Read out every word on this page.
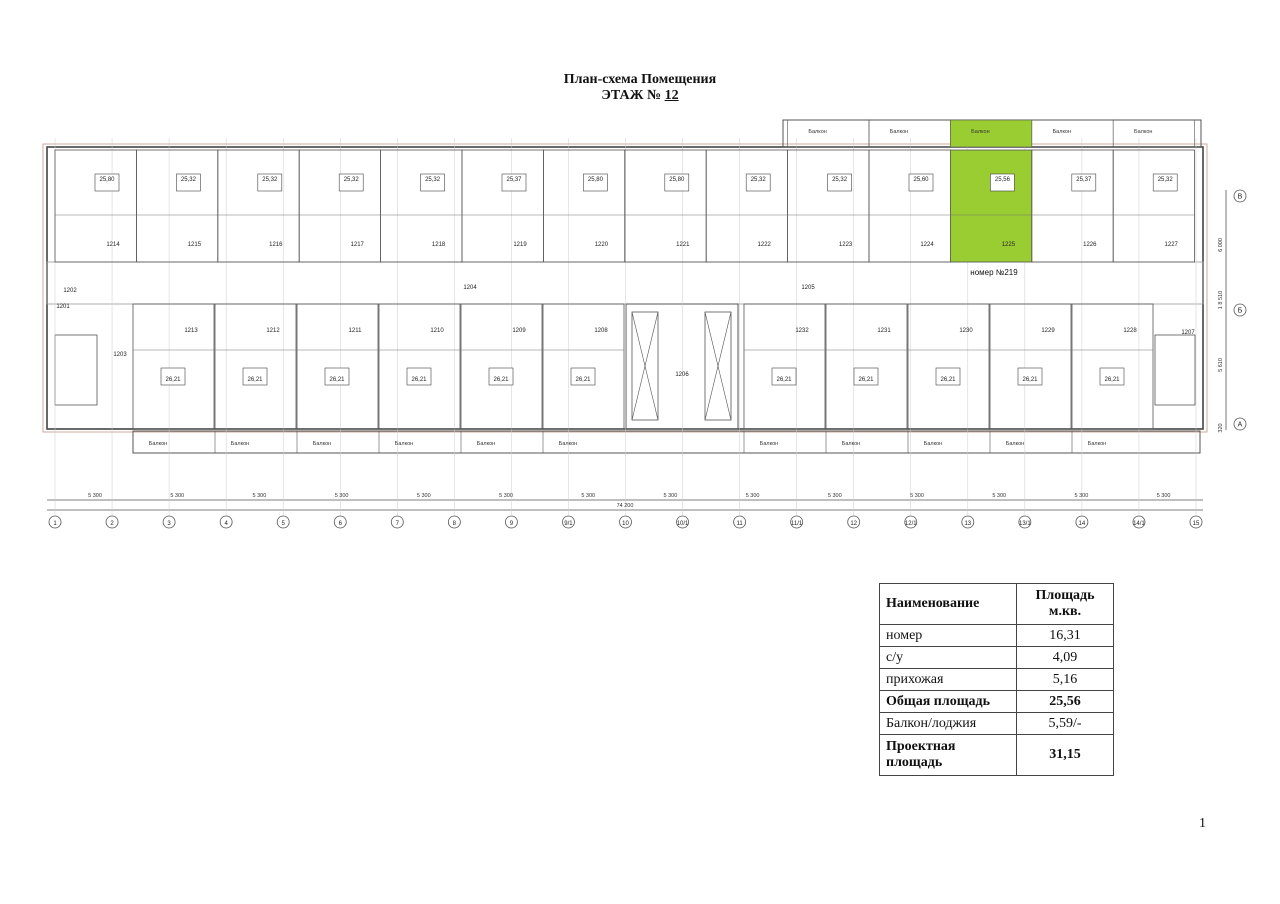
План-схема Помещения
ЭТАЖ № 12
1	2	3	4	5	6	7	8	9	9/1	10	10/1	11	11/1	12	12/1	13	13/1	14	14/1	15
5 300	5 300	5 300	5 300	5 300	5 300	5 300	5 300	5 300	5 300	5 300	5 300	5 300	5 300
74 200
6 000
1 8 510
5 610
320
В
Б
А
25,80
1214
25,32
1215
25,32
1216
25,32
1217
25,32
1218
25,37
1219
25,80
1220
25,80
1221
25,32
1222
25,32
1223
25,60
1224
25,56
1225
25,37
1226
25,32
1227
Балкон	Балкон	Балкон	Балкон	Балкон
номер №219
1213
26,21
Балкон
1212
26,21
Балкон
1211
26,21
Балкон
1210
26,21
Балкон
1209
26,21
Балкон
1208
26,21
Балкон
1232
26,21
Балкон
1231
26,21
Балкон
1230
26,21
Балкон
1229
26,21
Балкон
1228
26,21
Балкон
1204	1205
1201
1202
1203
1206
1207
Наименование	Площадь м.кв.
номер	16,31
с/у	4,09
прихожая	5,16
Общая площадь	25,56
Балкон/лоджия	5,59/-
Проектная площадь	31,15
1
